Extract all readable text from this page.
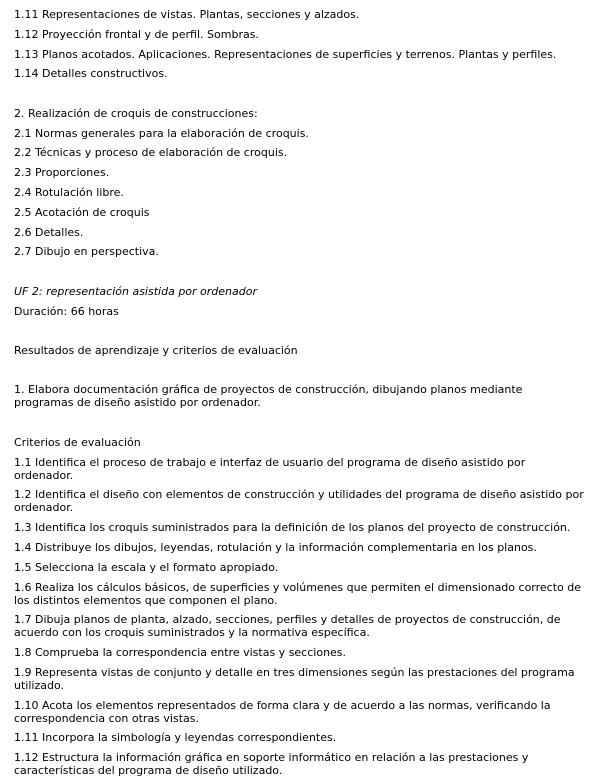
1.11 Representaciones de vistas. Plantas, secciones y alzados.
1.12 Proyección frontal y de perfil. Sombras.
1.13 Planos acotados. Aplicaciones. Representaciones de superficies y terrenos. Plantas y perfiles.
1.14 Detalles constructivos.
2. Realización de croquis de construcciones:
2.1 Normas generales para la elaboración de croquis.
2.2 Técnicas y proceso de elaboración de croquis.
2.3 Proporciones.
2.4 Rotulación libre.
2.5 Acotación de croquis
2.6 Detalles.
2.7 Dibujo en perspectiva.
UF 2: representación asistida por ordenador
Duración: 66 horas
Resultados de aprendizaje y criterios de evaluación
1. Elabora documentación gráfica de proyectos de construcción, dibujando planos mediante programas de diseño asistido por ordenador.
Criterios de evaluación
1.1 Identifica el proceso de trabajo e interfaz de usuario del programa de diseño asistido por ordenador.
1.2 Identifica el diseño con elementos de construcción y utilidades del programa de diseño asistido por ordenador.
1.3 Identifica los croquis suministrados para la definición de los planos del proyecto de construcción.
1.4 Distribuye los dibujos, leyendas, rotulación y la información complementaria en los planos.
1.5 Selecciona la escala y el formato apropiado.
1.6 Realiza los cálculos básicos, de superficies y volúmenes que permiten el dimensionado correcto de los distintos elementos que componen el plano.
1.7 Dibuja planos de planta, alzado, secciones, perfiles y detalles de proyectos de construcción, de acuerdo con los croquis suministrados y la normativa específica.
1.8 Comprueba la correspondencia entre vistas y secciones.
1.9 Representa vistas de conjunto y detalle en tres dimensiones según las prestaciones del programa utilizado.
1.10 Acota los elementos representados de forma clara y de acuerdo a las normas, verificando la correspondencia con otras vistas.
1.11 Incorpora la simbología y leyendas correspondientes.
1.12 Estructura la información gráfica en soporte informático en relación a las prestaciones y características del programa de diseño utilizado.
